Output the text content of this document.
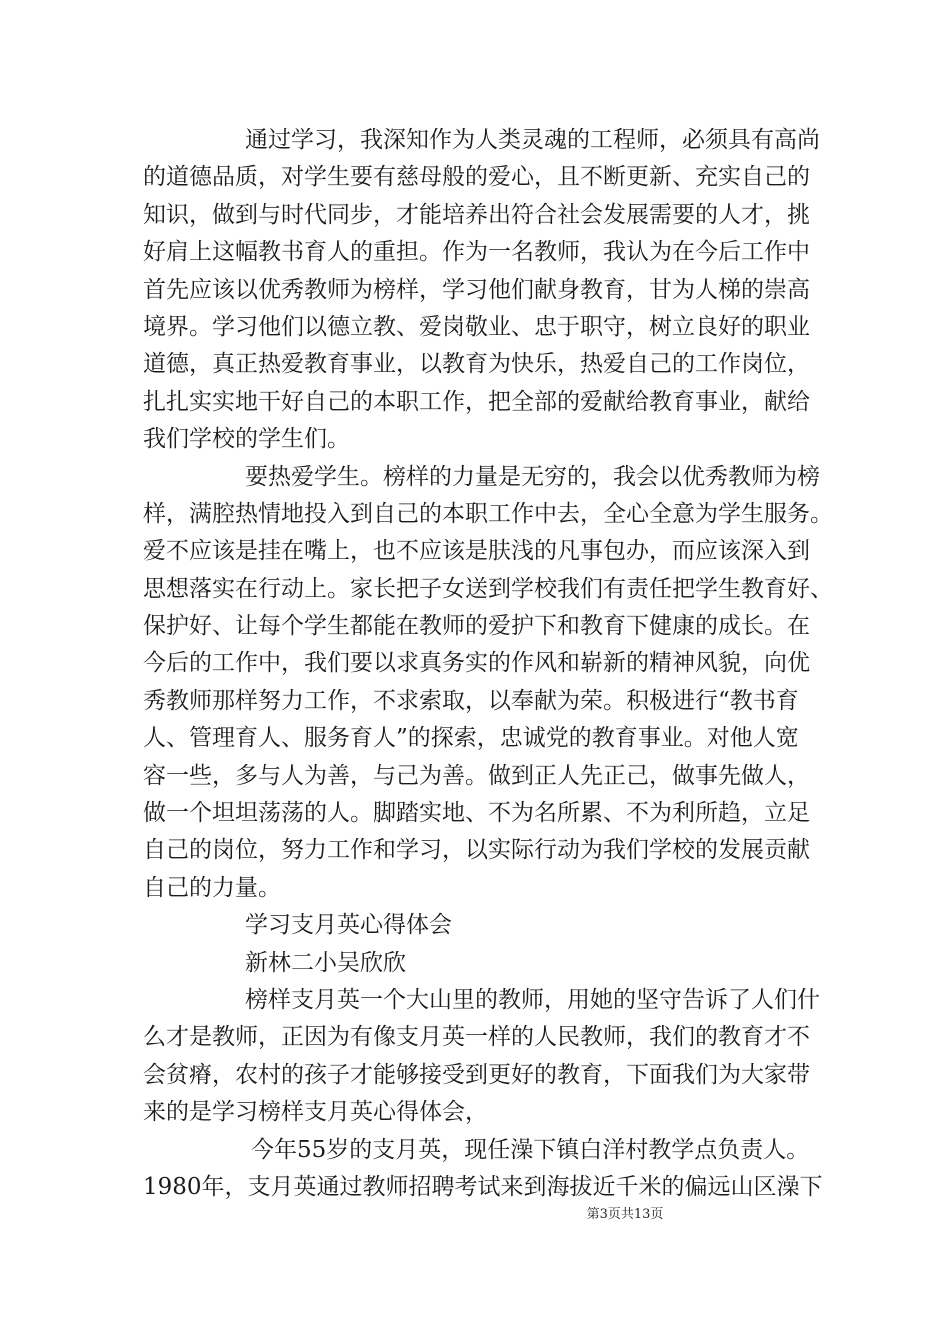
通过学习，我深知作为人类灵魂的工程师，必须具有高尚
的道德品质，对学生要有慈母般的爱心，且不断更新、充实自己的
知识，做到与时代同步，才能培养出符合社会发展需要的人才，挑
好肩上这幅教书育人的重担。作为一名教师，我认为在今后工作中
首先应该以优秀教师为榜样，学习他们献身教育，甘为人梯的崇高
境界。学习他们以德立教、爱岗敬业、忠于职守，树立良好的职业
道德，真正热爱教育事业，以教育为快乐，热爱自己的工作岗位，
扎扎实实地干好自己的本职工作，把全部的爱献给教育事业，献给
我们学校的学生们。
要热爱学生。榜样的力量是无穷的，我会以优秀教师为榜
样，满腔热情地投入到自己的本职工作中去，全心全意为学生服务。
爱不应该是挂在嘴上，也不应该是肤浅的凡事包办，而应该深入到
思想落实在行动上。家长把子女送到学校我们有责任把学生教育好、
保护好、让每个学生都能在教师的爱护下和教育下健康的成长。在
今后的工作中，我们要以求真务实的作风和崭新的精神风貌，向优
秀教师那样努力工作，不求索取，以奉献为荣。积极进行“教书育
人、管理育人、服务育人”的探索，忠诚党的教育事业。对他人宽
容一些，多与人为善，与己为善。做到正人先正己，做事先做人，
做一个坦坦荡荡的人。脚踏实地、不为名所累、不为利所趋，立足
自己的岗位，努力工作和学习，以实际行动为我们学校的发展贡献
自己的力量。
学习支月英心得体会
新林二小吴欣欣
榜样支月英一个大山里的教师，用她的坚守告诉了人们什
么才是教师，正因为有像支月英一样的人民教师，我们的教育才不
会贫瘠，农村的孩子才能够接受到更好的教育，下面我们为大家带
来的是学习榜样支月英心得体会，
今年55岁的支月英，现任澡下镇白洋村教学点负责人。
1980年，支月英通过教师招聘考试来到海拔近千米的偏远山区澡下
第3页共13页
